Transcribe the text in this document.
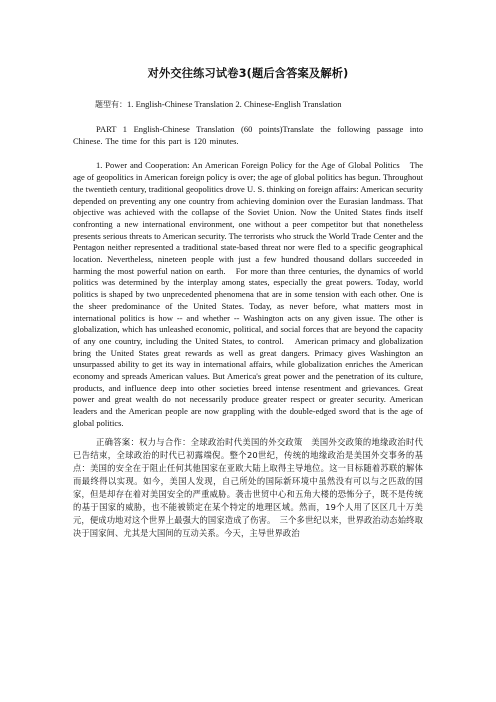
对外交往练习试卷3(题后含答案及解析)
题型有：1. English-Chinese Translation 2. Chinese-English Translation

PART 1 English-Chinese Translation (60 points)Translate the following passage into Chinese. The time for this part is 120 minutes.

1. Power and Cooperation: An American Foreign Policy for the Age of Global Politics　The age of geopolitics in American foreign policy is over; the age of global politics has begun. Throughout the twentieth century, traditional geopolitics drove U. S. thinking on foreign affairs: American security depended on preventing any one country from achieving dominion over the Eurasian landmass. That objective was achieved with the collapse of the Soviet Union. Now the United States finds itself confronting a new international environment, one without a peer competitor but that nonetheless presents serious threats to American security. The terrorists who struck the World Trade Center and the Pentagon neither represented a traditional state-based threat nor were fled to a specific geographical location. Nevertheless, nineteen people with just a few hundred thousand dollars succeeded in harming the most powerful nation on earth.　For more than three centuries, the dynamics of world politics was determined by the interplay among states, especially the great powers. Today, world politics is shaped by two unprecedented phenomena that are in some tension with each other. One is the sheer predominance of the United States. Today, as never before, what matters most in international politics is how -- and whether -- Washington acts on any given issue. The other is globalization, which has unleashed economic, political, and social forces that are beyond the capacity of any one country, including the United States, to control.　American primacy and globalization bring the United States great rewards as well as great dangers. Primacy gives Washington an unsurpassed ability to get its way in international affairs, while globalization enriches the American economy and spreads American values. But America's great power and the penetration of its culture, products, and influence deep into other societies breed intense resentment and grievances. Great power and great wealth do not necessarily produce greater respect or greater security. American leaders and the American people are now grappling with the double-edged sword that is the age of global politics.

正确答案：权力与合作：全球政治时代美国的外交政策　美国外交政策的地缘政治时代已告结束，全球政治的时代已初露端倪。整个20世纪，传统的地缘政治是美国外交事务的基点：美国的安全在于阻止任何其他国家在亚欧大陆上取得主导地位。这一目标随着苏联的解体而最终得以实现。如今，美国人发现，自己所处的国际新环境中虽然没有可以与之匹敌的国家，但是却存在着对美国安全的严重威胁。袭击世贸中心和五角大楼的恐怖分子，既不是传统的基于国家的威胁，也不能被锁定在某个特定的地理区域。然而，19个人用了区区几十万美元，便成功地对这个世界上最强大的国家造成了伤害。　三个多世纪以来，世界政治动态始终取决于国家间、尤其是大国间的互动关系。今天，主导世界政治
